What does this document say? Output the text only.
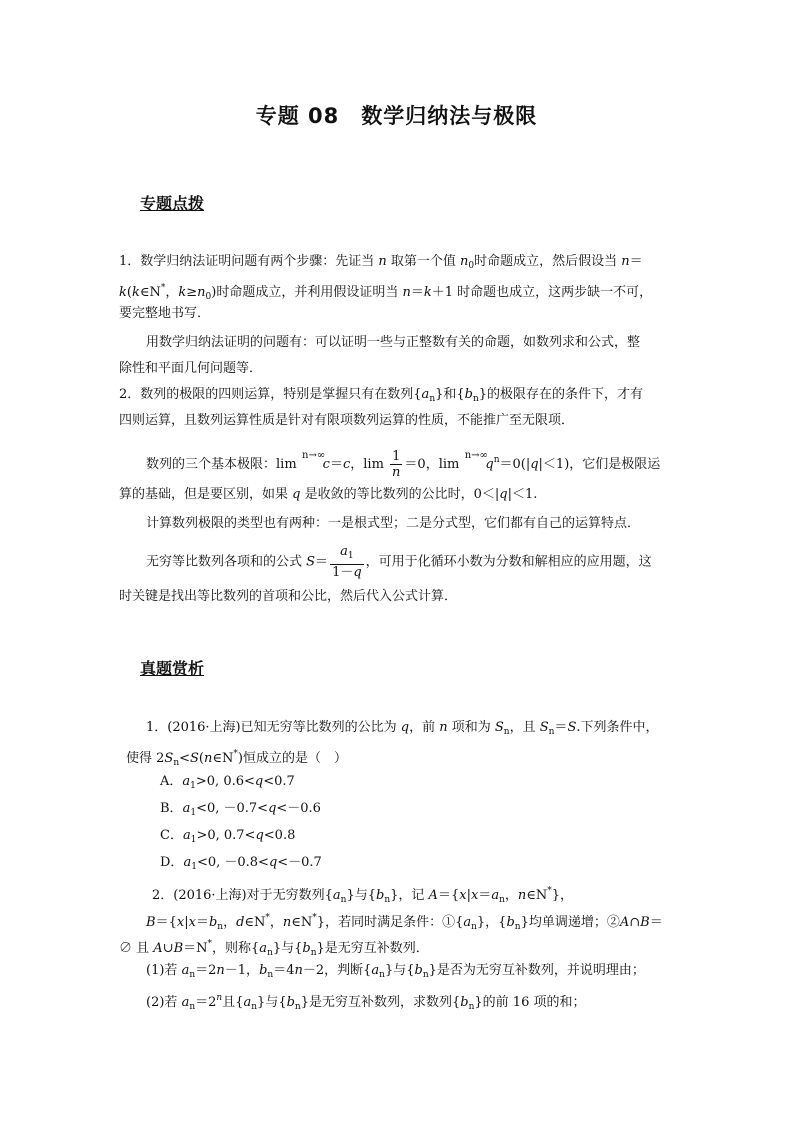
专题 08　数学归纳法与极限
专题点拨
1．数学归纳法证明问题有两个步骤：先证当 n 取第一个值 $n_0$时命题成立，然后假设当 n＝
k(k∈N*，$k\ge n_0$)时命题成立，并利用假设证明当 n＝k＋1 时命题也成立，这两步缺一不可，
要完整地书写．
用数学归纳法证明的问题有：可以证明一些与正整数有关的命题，如数列求和公式，整
除性和平面几何问题等．
2．数列的极限的四则运算，特别是掌握只有在数列$\{a_n\}$和$\{b_n\}$的极限存在的条件下，才有
四则运算，且数列运算性质是针对有限项数列运算的性质，不能推广至无限项．
数列的三个基本极限：lim
n→∞
c＝c，$\lim \frac{1}{n} =0$，lim
n→∞
$q^n=0(|q|<1)$，它们是极限运
算的基础，但是要区别，如果 q 是收敛的等比数列的公比时，0＜|q|＜1.
计算数列极限的类型也有两种：一是根式型；二是分式型，它们都有自己的运算特点．
无穷等比数列各项和的公式 $S= \frac{a_1}{1-q}$ ，可用于化循环小数为分数和解相应的应用题，这
时关键是找出等比数列的首项和公比，然后代入公式计算．
真题赏析
1．(2016·上海)已知无穷等比数列的公比为 q，前 n 项和为 $S_n$，且 $S_n=S$.下列条件中，
使得 $2S_n<S(n\in N^*)$恒成立的是（　）
A．$a_1>0$, 0.6<q<0.7
B．$a_1<0$, －0.7<q<－0.6
C．$a_1>0$, 0.7<q<0.8
D．$a_1<0$, －0.8<q<－0.7
2．(2016·上海)对于无穷数列$\{a_n\}$与$\{b_n\}$，记 $A=\{x|x=a_n$，n∈N*}，
$B=\{x|x=b_n$，d∈N*，n∈N*}，若同时满足条件：$①\{a_n\}$，$\{b_n\}$均单调递增；②A∩B＝
∅ 且 A∪B＝N*，则称$\{a_n\}$与$\{b_n\}$是无穷互补数列．
(1)若 $a_n=2n-1$，$b_n=4n-2$，判断$\{a_n\}$与$\{b_n\}$是否为无穷互补数列，并说明理由；
(2)若 $a_n=2^n$且$\{a_n\}$与$\{b_n\}$是无穷互补数列，求数列$\{b_n\}$的前 16 项的和；
